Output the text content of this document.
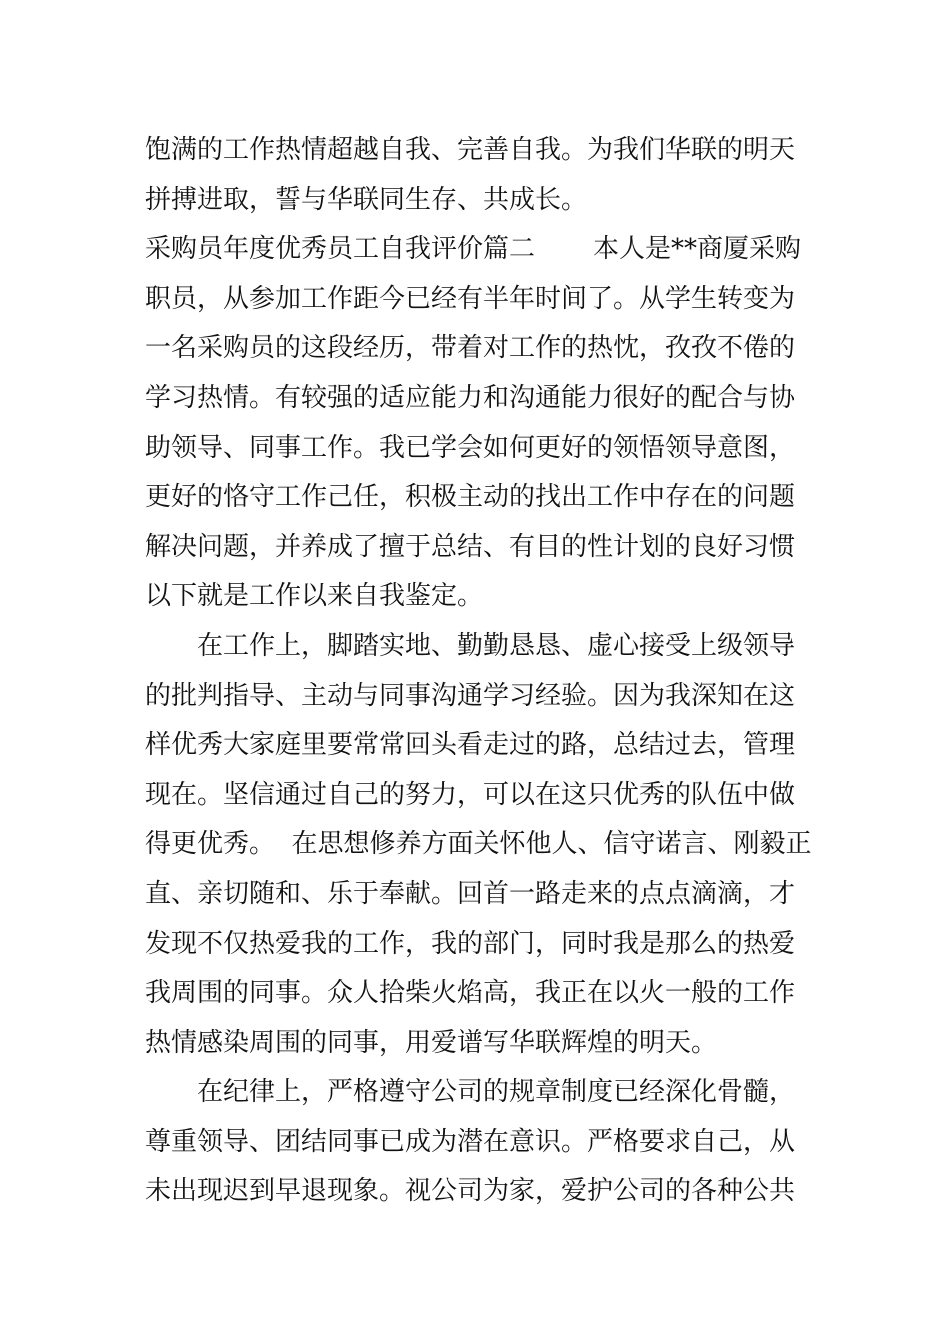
饱满的工作热情超越自我、完善自我。为我们华联的明天
拼搏进取，誓与华联同生存、共成长。
采购员年度优秀员工自我评价篇二 本人是**商厦采购
职员，从参加工作距今已经有半年时间了。从学生转变为
一名采购员的这段经历，带着对工作的热忱，孜孜不倦的
学习热情。有较强的适应能力和沟通能力很好的配合与协
助领导、同事工作。我已学会如何更好的领悟领导意图，
更好的恪守工作己任，积极主动的找出工作中存在的问题
解决问题，并养成了擅于总结、有目的性计划的良好习惯
以下就是工作以来自我鉴定。
在工作上，脚踏实地、勤勤恳恳、虚心接受上级领导
的批判指导、主动与同事沟通学习经验。因为我深知在这
样优秀大家庭里要常常回头看走过的路，总结过去，管理
现在。坚信通过自己的努力，可以在这只优秀的队伍中做
得更优秀。  在思想修养方面关怀他人、信守诺言、刚毅正
直、亲切随和、乐于奉献。回首一路走来的点点滴滴，才
发现不仅热爱我的工作，我的部门，同时我是那么的热爱
我周围的同事。众人拾柴火焰高，我正在以火一般的工作
热情感染周围的同事，用爱谱写华联辉煌的明天。
在纪律上，严格遵守公司的规章制度已经深化骨髓，
尊重领导、团结同事已成为潜在意识。严格要求自己，从
未出现迟到早退现象。视公司为家，爱护公司的各种公共
